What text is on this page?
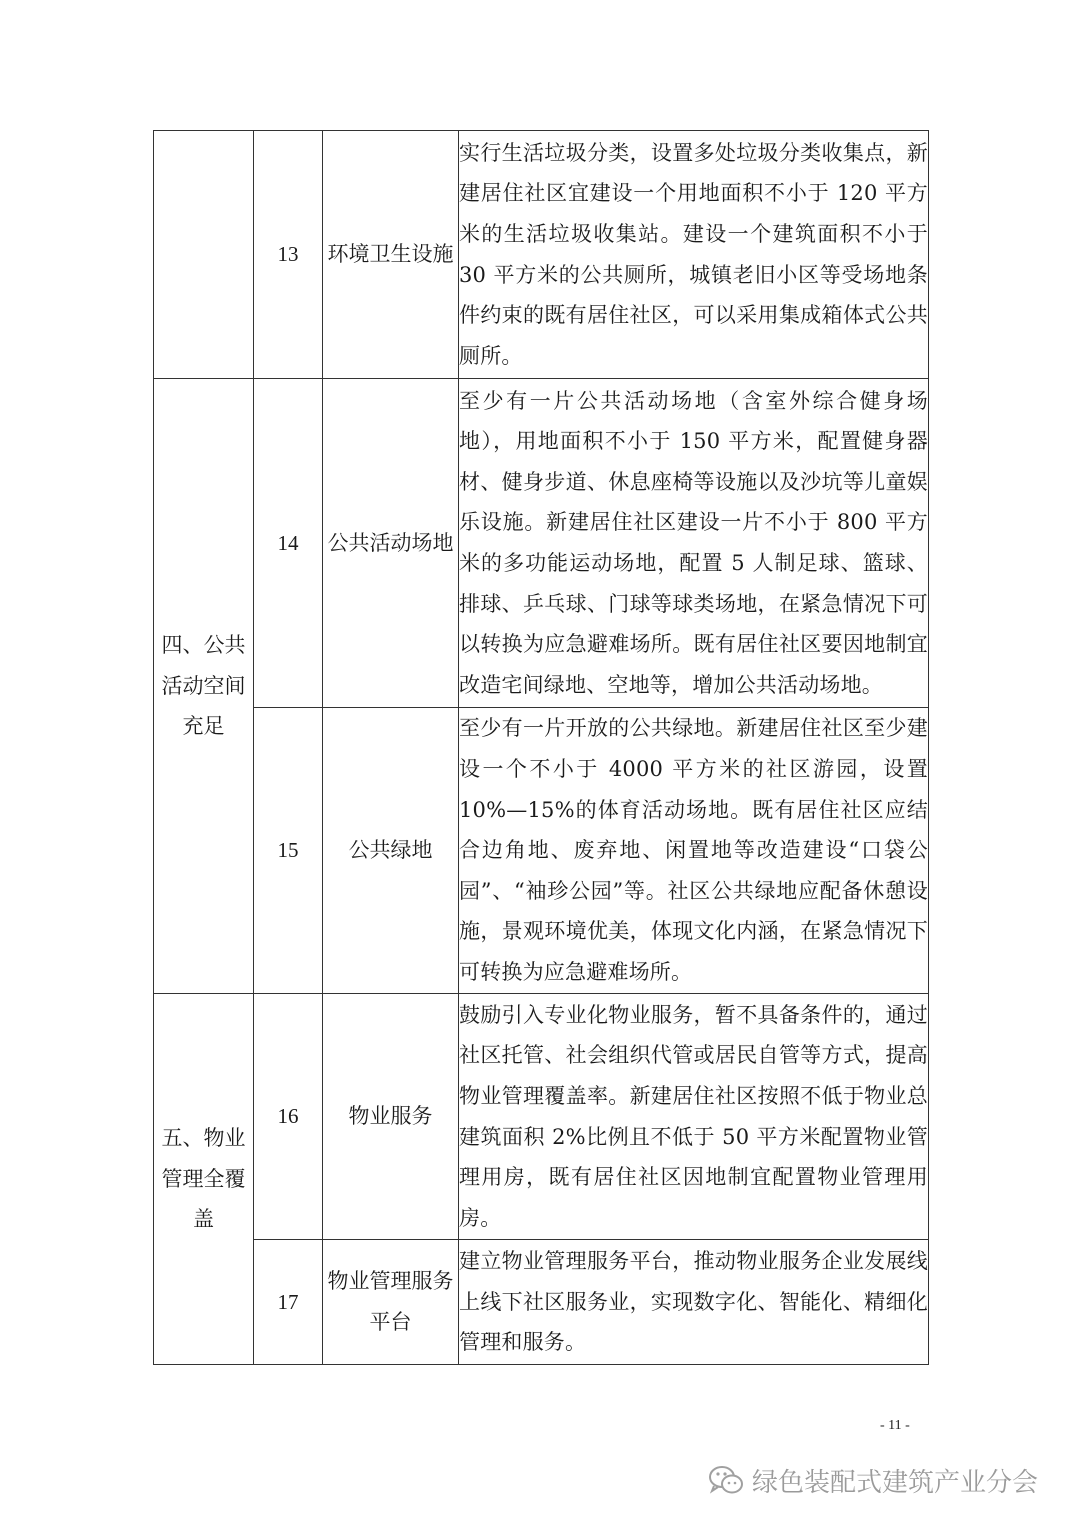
	13	环境卫生设施	实行生活垃圾分类，设置多处垃圾分类收集点，新建居住社区宜建设一个用地面积不小于 120 平方米的生活垃圾收集站。建设一个建筑面积不小于 30 平方米的公共厕所，城镇老旧小区等受场地条件约束的既有居住社区，可以采用集成箱体式公共厕所。
四、公共活动空间充足	14	公共活动场地	至少有一片公共活动场地（含室外综合健身场地），用地面积不小于 150 平方米，配置健身器材、健身步道、休息座椅等设施以及沙坑等儿童娱乐设施。新建居住社区建设一片不小于 800 平方米的多功能运动场地，配置 5 人制足球、篮球、排球、乒乓球、门球等球类场地，在紧急情况下可以转换为应急避难场所。既有居住社区要因地制宜改造宅间绿地、空地等，增加公共活动场地。
	15	公共绿地	至少有一片开放的公共绿地。新建居住社区至少建设一个不小于 4000 平方米的社区游园，设置 10%—15%的体育活动场地。既有居住社区应结合边角地、废弃地、闲置地等改造建设“口袋公园”、“袖珍公园”等。社区公共绿地应配备休憩设施，景观环境优美，体现文化内涵，在紧急情况下可转换为应急避难场所。
五、物业管理全覆盖	16	物业服务	鼓励引入专业化物业服务，暂不具备条件的，通过社区托管、社会组织代管或居民自管等方式，提高物业管理覆盖率。新建居住社区按照不低于物业总建筑面积 2%比例且不低于 50 平方米配置物业管理用房，既有居住社区因地制宜配置物业管理用房。
	17	物业管理服务平台	建立物业管理服务平台，推动物业服务企业发展线上线下社区服务业，实现数字化、智能化、精细化管理和服务。
- 11 -
绿色装配式建筑产业分会
